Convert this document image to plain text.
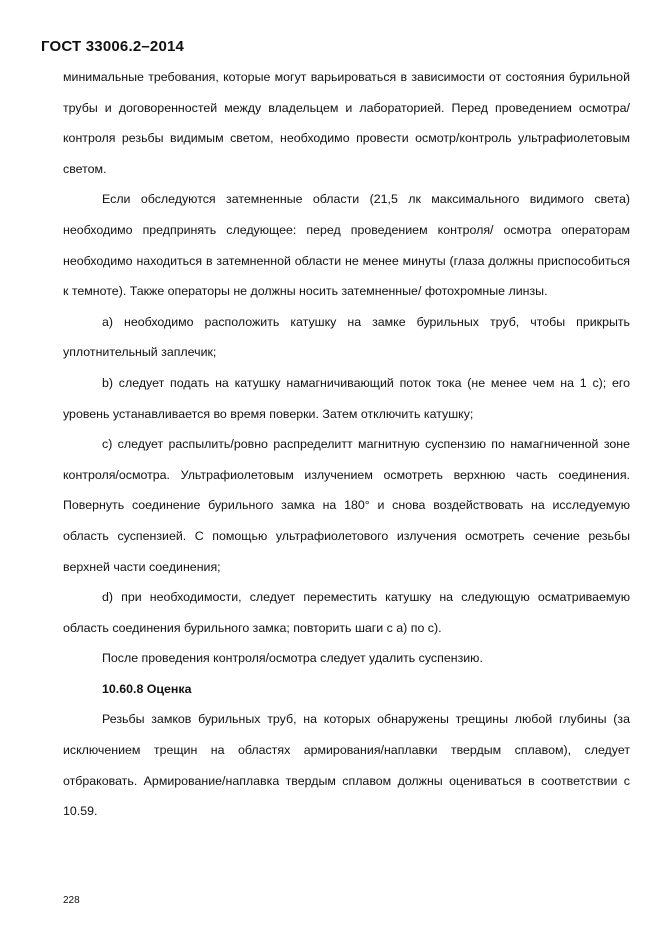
ГОСТ 33006.2–2014

минимальные требования, которые могут варьироваться в зависимости от состояния бурильной трубы и договоренностей между владельцем и лабораторией. Перед проведением осмотра/контроля резьбы видимым светом, необходимо провести осмотр/контроль ультрафиолетовым светом.

Если обследуются затемненные области (21,5 лк максимального видимого света) необходимо предпринять следующее: перед проведением контроля/ осмотра операторам необходимо находиться в затемненной области не менее минуты (глаза должны приспособиться к темноте). Также операторы не должны носить затемненные/ фотохромные линзы.

a) необходимо расположить катушку на замке бурильных труб, чтобы прикрыть уплотнительный заплечик;

b) следует подать на катушку намагничивающий поток тока (не менее чем на 1 с); его уровень устанавливается во время поверки. Затем отключить катушку;

c) следует распылить/ровно распределитт магнитную суспензию по намагниченной зоне контроля/осмотра. Ультрафиолетовым излучением осмотреть верхнюю часть соединения. Повернуть соединение бурильного замка на 180° и снова воздействовать на исследуемую область суспензией. С помощью ультрафиолетового излучения осмотреть сечение резьбы верхней части соединения;

d) при необходимости, следует переместить катушку на следующую осматриваемую область соединения бурильного замка; повторить шаги с a) по c).

После проведения контроля/осмотра следует удалить суспензию.

10.60.8 Оценка

Резьбы замков бурильных труб, на которых обнаружены трещины любой глубины (за исключением трещин на областях армирования/наплавки твердым сплавом), следует отбраковать. Армирование/наплавка твердым сплавом должны оцениваться в соответствии с 10.59.

228
